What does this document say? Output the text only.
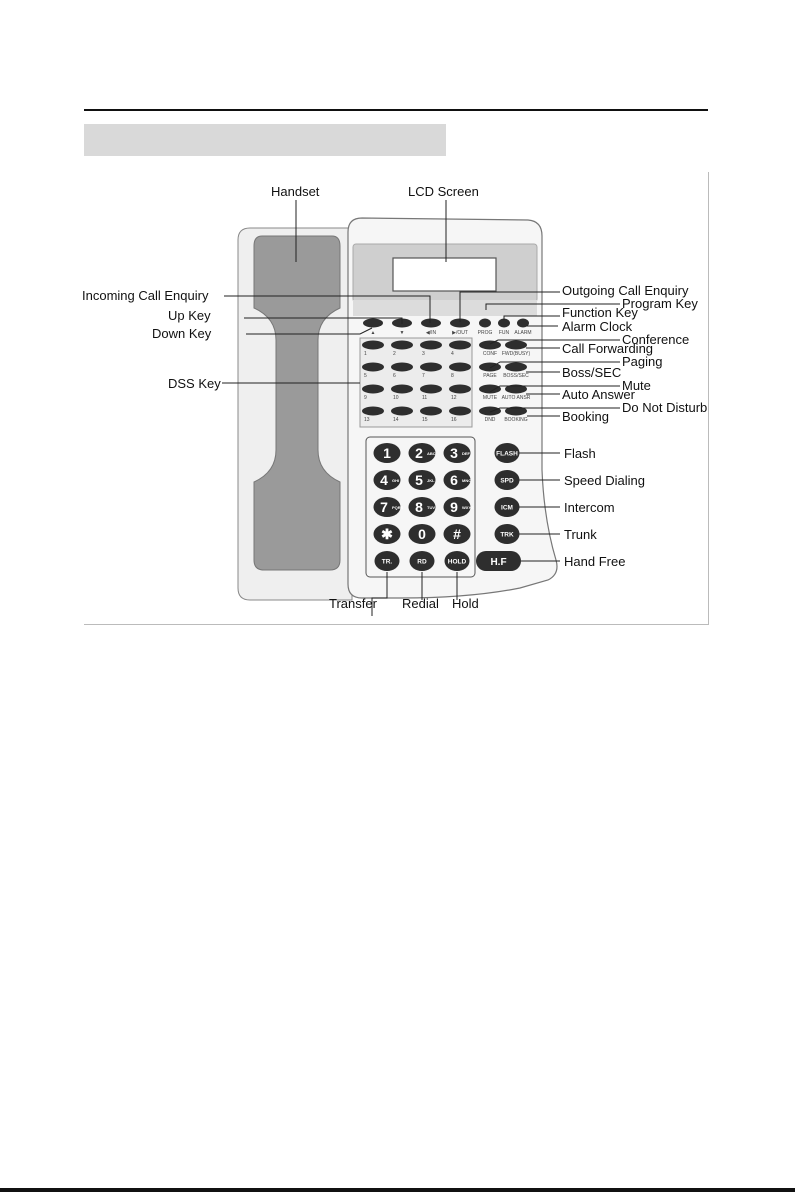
▲	▼	◀/IN	▶/OUT PROG FUN ALARM
1	2	3	4
5	6	7	8
9	10	11	12
13	14	15	16
CONF FWD(BUSY)
PAGE BOSS/SEC
MUTE AUTO ANSR
DND BOOKING
1 2 ABC 3 DEF
4 GHI 5 JKL 6 MNO
7 PQRS 8 TUV 9 WXYZ
✱ 0 #
FLASH
SPD
ICM
TRK
TR.	RD	HOLD H.F
Handset	LCD Screen
Outgoing Call Enquiry
Incoming Call Enquiry
Program Key
Function Key
Up Key
Alarm Clock
Down Key	Conference
Call Forwarding
Paging
Boss/SEC
DSS Key	Mute
Auto Answer
Do Not Disturb
Booking
Flash
Speed Dialing
Intercom
Trunk
Hand Free
Transfer Redial Hold
